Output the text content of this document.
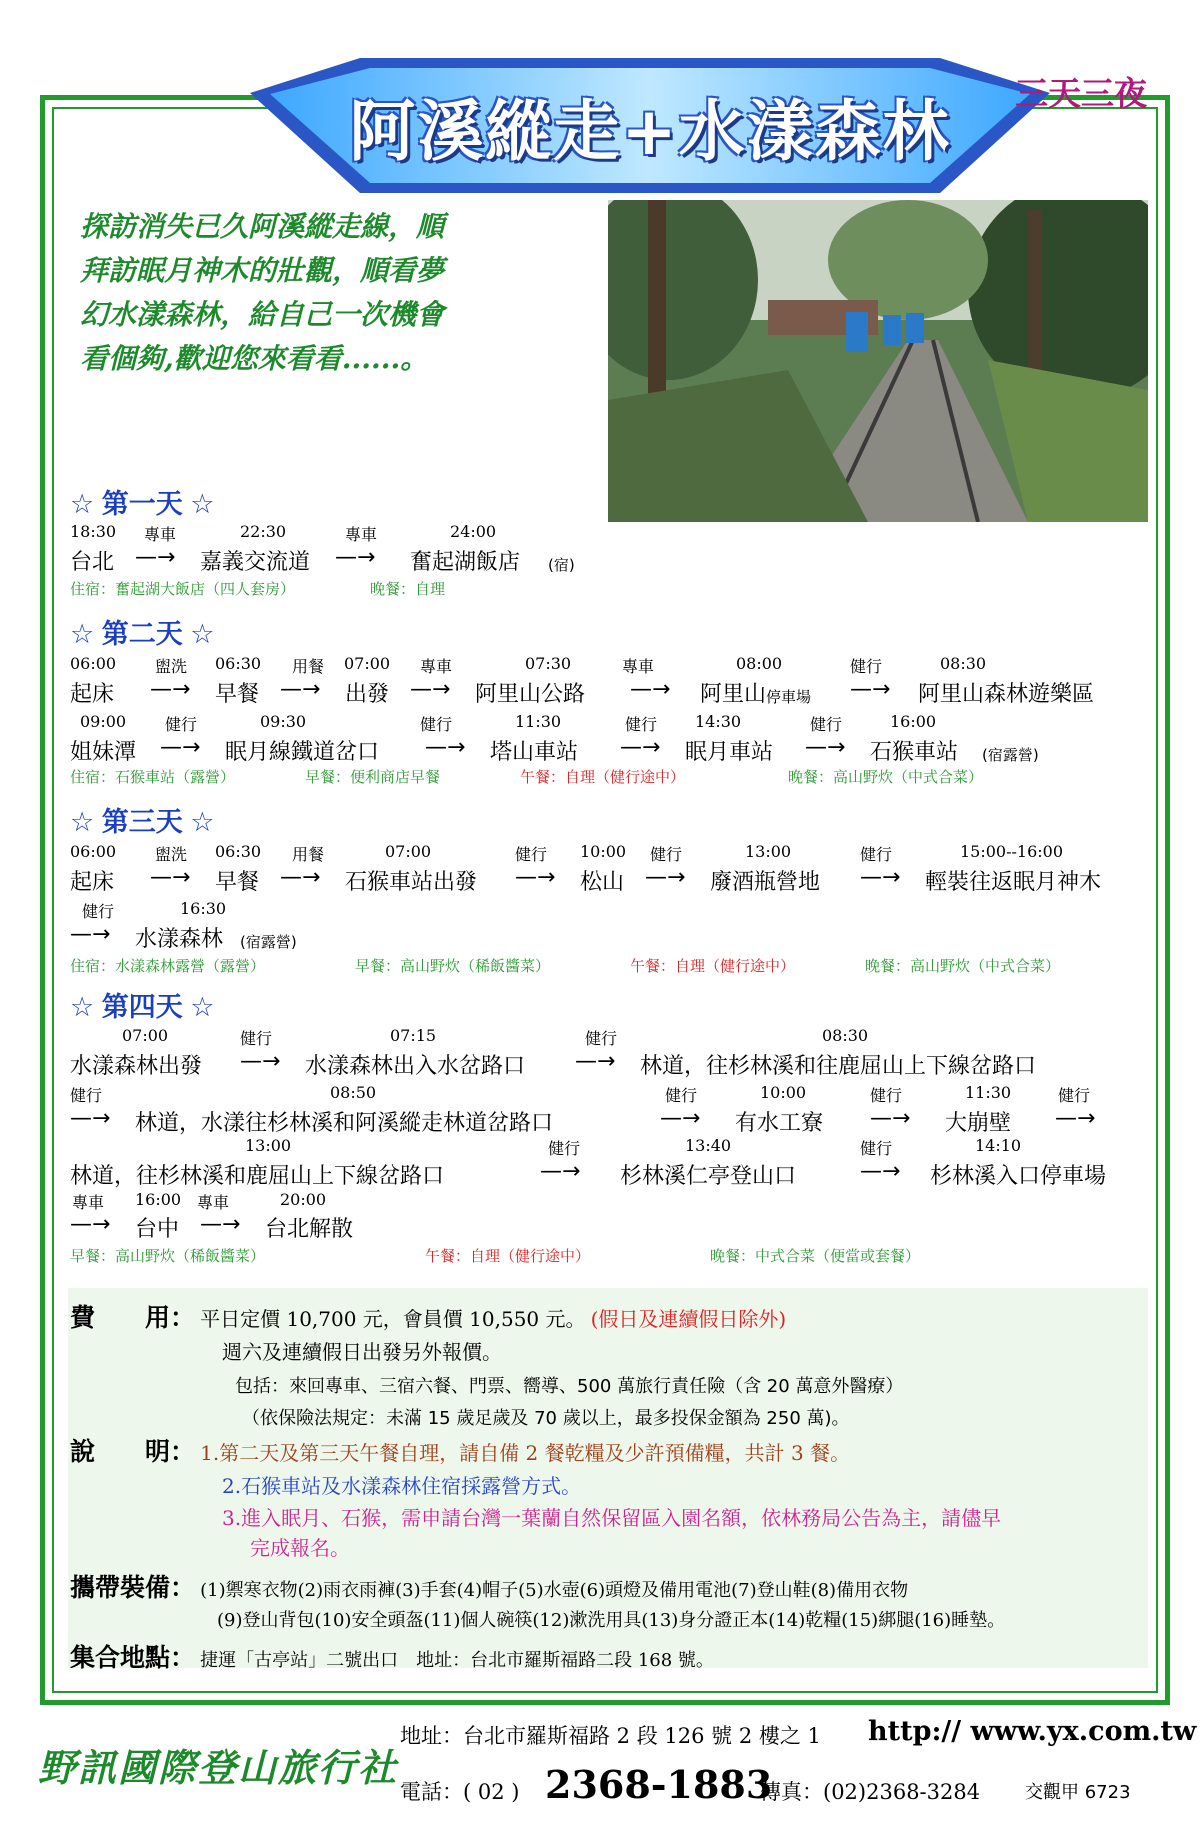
阿溪縱走+水漾森林	三天三夜

探訪消失已久阿溪縱走線，順

拜訪眠月神木的壯觀，順看夢

幻水漾森林，給自己一次機會

看個夠,歡迎您來看看......。

☆ 第一天 ☆
18:30 專車	22:30	專車	24:00
台北 —→ 嘉義交流道 —→ 奮起湖飯店 (宿)
住宿：奮起湖大飯店（四人套房）	晚餐：自理
☆ 第二天 ☆
06:00 盥洗 06:30 用餐 07:00 專車	07:30	專車	08:00	健行	08:30
起床 —→ 早餐 —→ 出發 —→ 阿里山公路 —→ 阿里山 停車場 —→ 阿里山森林遊樂區
09:00 健行	09:30	健行	11:30	健行 14:30	健行	16:00
姐妹潭 —→ 眠月線鐵道岔口 —→ 塔山車站 —→ 眠月車站 —→ 石猴車站 (宿露營)
住宿：石猴車站（露營）	早餐：便利商店早餐	午餐：自理（健行途中）	晚餐：高山野炊（中式合菜）
☆ 第三天 ☆
06:00 盥洗 06:30 用餐	07:00	健行 10:00 健行	13:00	健行	15:00--16:00
起床 —→ 早餐 —→ 石猴車站出發 —→ 松山 —→ 廢酒瓶營地 —→ 輕裝往返眠月神木
健行	16:30
—→ 水漾森林 (宿露營)
住宿：水漾森林露營（露營）	早餐：高山野炊（稀飯醬菜）	午餐：自理（健行途中）	晚餐：高山野炊（中式合菜）
☆ 第四天 ☆
07:00	健行	07:15	健行	08:30
水漾森林出發 —→ 水漾森林出入水岔路口 —→ 林道，往杉林溪和往鹿屈山上下線岔路口
健行	08:50	健行	10:00	健行	11:30	健行
—→ 林道，水漾往杉林溪和阿溪縱走林道岔路口	—→ 有水工寮 —→ 大崩壁 —→
13:00	健行	13:40	健行	14:10
林道，往杉林溪和鹿屈山上下線岔路口	—→ 杉林溪仁亭登山口	—→ 杉林溪入口停車場
專車 16:00 專車	20:00
—→ 台中 —→ 台北解散
早餐：高山野炊（稀飯醬菜）	午餐：自理（健行途中）	晚餐：中式合菜（便當或套餐）
費　　用： 平日定價 10,700 元，會員價 10,550 元。 (假日及連續假日除外)
週六及連續假日出發另外報價。
包括：來回專車、三宿六餐、門票、嚮導、500 萬旅行責任險（含 20 萬意外醫療）
（依保險法規定：未滿 15 歲足歲及 70 歲以上，最多投保金額為 250 萬)。
說　　明： 1.第二天及第三天午餐自理，請自備 2 餐乾糧及少許預備糧，共計 3 餐。
2.石猴車站及水漾森林住宿採露營方式。
3.進入眠月、石猴，需申請台灣一葉蘭自然保留區入園名額，依林務局公告為主，請儘早
完成報名。
攜帶裝備： (1)禦寒衣物(2)雨衣雨褲(3)手套(4)帽子(5)水壺(6)頭燈及備用電池(7)登山鞋(8)備用衣物
(9)登山背包(10)安全頭盔(11)個人碗筷(12)漱洗用具(13)身分證正本(14)乾糧(15)綁腿(16)睡墊。
集合地點： 捷運「古亭站」二號出口　地址：台北市羅斯福路二段 168 號。
野訊國際登山旅行社
地址：台北市羅斯福路 2 段 126 號 2 樓之 1 http:// www.yx.com.tw
電話：( 02 ) 2368-1883
傳真：(02)2368-3284 交觀甲 6723
